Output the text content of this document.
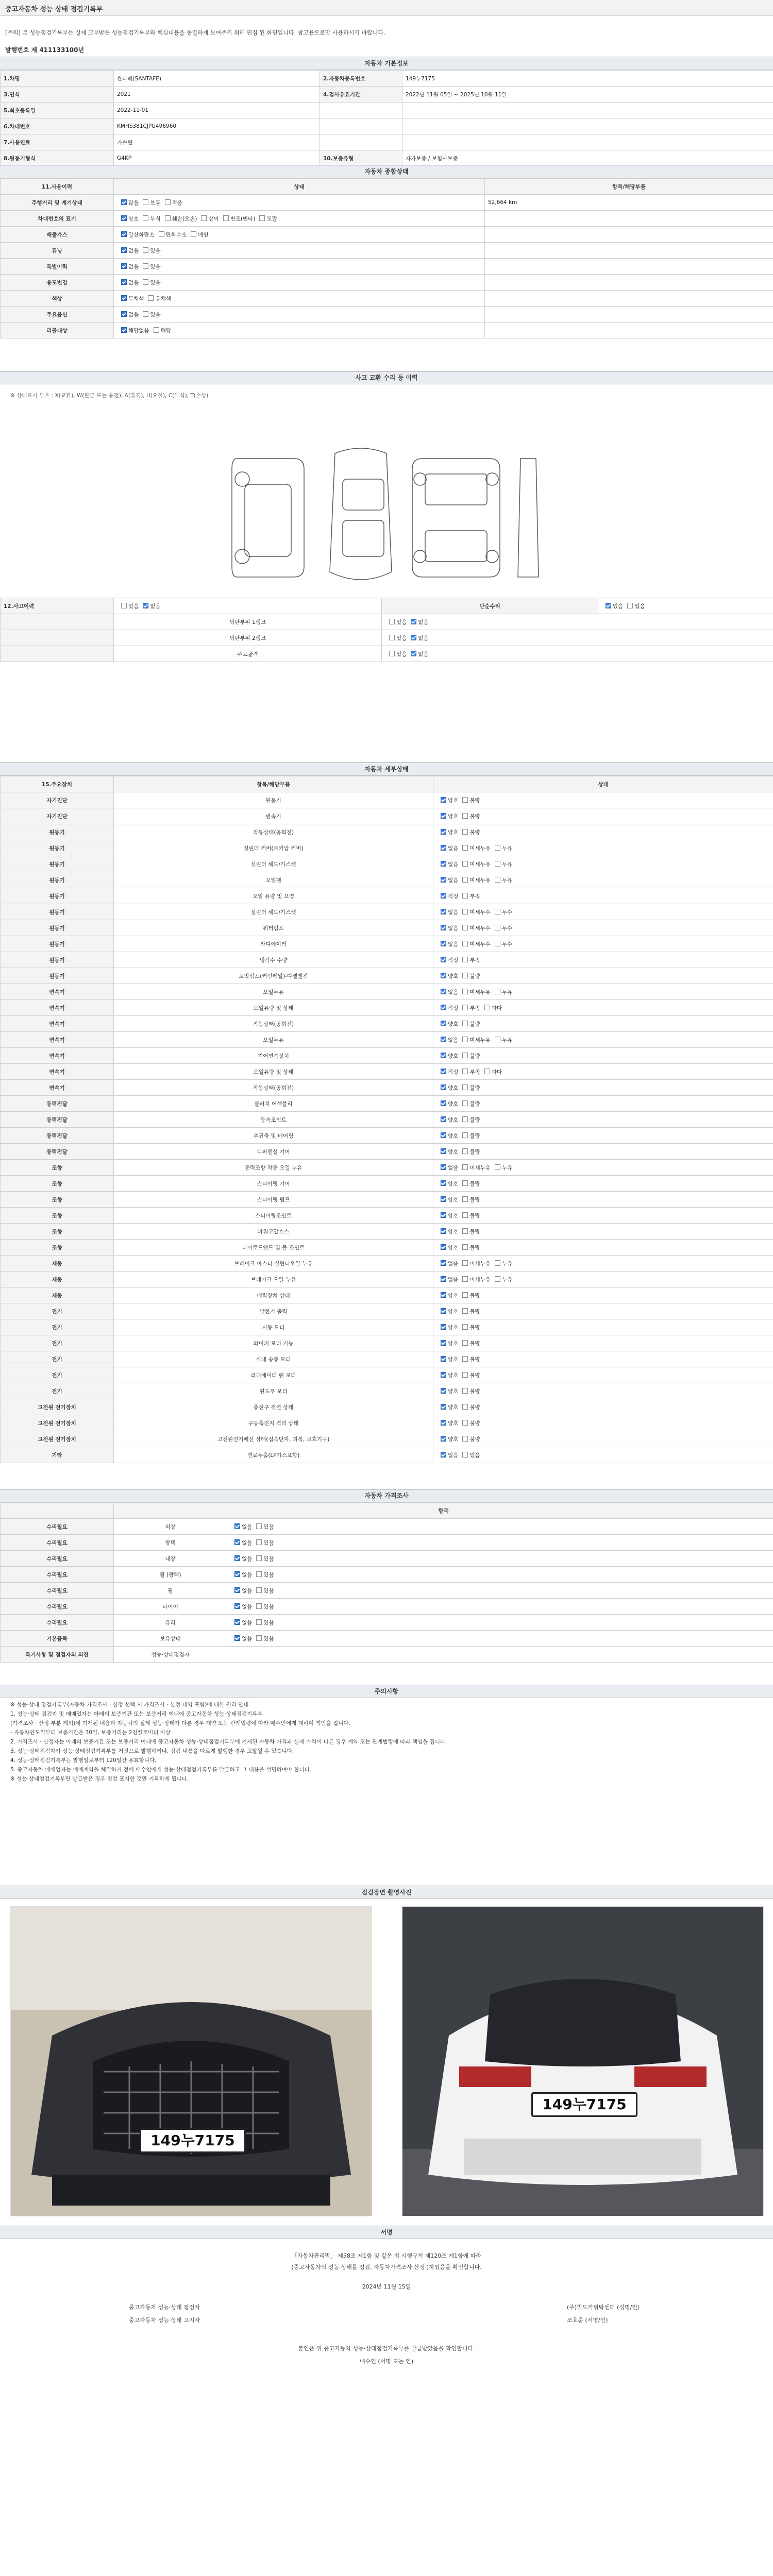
중고자동차 성능 상태 점검기록부
[주의] 본 성능점검기록부는 실제 교부받은 성능점검기록부와 핵심내용을 동일하게 보여주기 위해 편집 된 화면입니다. 참고용으로만 사용하시기 바랍니다.
발행번호 제 411133100년
자동차 기본정보
1.차명	싼타페(SANTAFE)	2.자동차등록번호	149누7175
3.연식	2021	4.검사유효기간	2022년 11월 05일 ~ 2025년 10월 11일
5.최초등록일	2022-11-01		
6.차대번호	KMHS381CJPU496960		
7.사용연료	가솔린		
8.원동기형식	G4KP	10.보증유형	자가보증 / 보험사보증
자동차 종합상태
11.사용이력	상태	항목/해당부품
주행거리 및 계기상태	많음 보통 적음	52,664 km
차대번호의 표기	양호 부식 훼손(오손) 상이 변조(변타) 도말	
배출가스	일산화탄소 탄화수소 매연	
튜닝	없음 있음	
특별이력	없음 있음	
용도변경	없음 있음	
색상	무채색 유채색	
주요옵션	없음 있음	
리콜대상	해당없음 해당	
사고 교환 수리 등 이력
※ 상태표시 부호 : X(교환), W(판금 또는 용접), A(흠집), U(요철), C(부식), T(손상)
12.사고이력	있음 없음	단순수리	있음 없음
	외판부위 1랭크	있음 없음	
	외판부위 2랭크	있음 없음	
	주요골격	있음 없음	
자동차 세부상태
15.주요장치	항목/해당부품	상태
자기진단	원동기	양호 불량
자기진단	변속기	양호 불량
원동기	작동상태(공회전)	양호 불량
원동기	실린더 커버(로커암 커버)	없음 미세누유 누유
원동기	실린더 헤드/가스켓	없음 미세누유 누유
원동기	오일팬	없음 미세누유 누유
원동기	오일 유량 및 오염	적정 부족
원동기	실린더 헤드/가스켓	없음 미세누수 누수
원동기	워터펌프	없음 미세누수 누수
원동기	라디에이터	없음 미세누수 누수
원동기	냉각수 수량	적정 부족
원동기	고압펌프(커먼레일)-디젤엔진	양호 불량
변속기	오일누유	없음 미세누유 누유
변속기	오일유량 및 상태	적정 부족 과다
변속기	작동상태(공회전)	양호 불량
변속기	오일누유	없음 미세누유 누유
변속기	기어변속장치	양호 불량
변속기	오일유량 및 상태	적정 부족 과다
변속기	작동상태(공회전)	양호 불량
동력전달	클러치 어셈블리	양호 불량
동력전달	등속조인트	양호 불량
동력전달	추진축 및 베어링	양호 불량
동력전달	디퍼렌셜 기어	양호 불량
조향	동력조향 작동 오일 누유	없음 미세누유 누유
조향	스티어링 기어	양호 불량
조향	스티어링 펌프	양호 불량
조향	스티어링조인트	양호 불량
조향	파워고압호스	양호 불량
조향	타이로드엔드 및 볼 조인트	양호 불량
제동	브레이크 마스터 실린더오일 누유	없음 미세누유 누유
제동	브레이크 오일 누유	없음 미세누유 누유
제동	배력장치 상태	양호 불량
전기	발전기 출력	양호 불량
전기	시동 모터	양호 불량
전기	와이퍼 모터 기능	양호 불량
전기	실내 송풍 모터	양호 불량
전기	라디에이터 팬 모터	양호 불량
전기	윈도우 모터	양호 불량
고전원 전기장치	충전구 절연 상태	양호 불량
고전원 전기장치	구동축전지 격리 상태	양호 불량
고전원 전기장치	고전원전기배선 상태(접속단자, 피복, 보호기구)	양호 불량
기타	연료누출(LP가스포함)	없음 있음
자동차 가격조사
	항목	
수리필요	외장	없음 있음
수리필요	광택	없음 있음
수리필요	내장	없음 있음
수리필요	휠 (광택)	없음 있음
수리필요	휠	없음 있음
수리필요	타이어	없음 있음
수리필요	유리	없음 있음
기본품목	보유상태	없음 있음
특기사항 및 점검자의 의견	성능·상태점검자	
주의사항
※ 성능·상태 점검기록부(자동차 가격조사 · 산정 선택 시 가격조사 · 산정 내역 포함)에 대한 권리 안내
1. 성능·상태 점검자 및 매매업자는 아래의 보증기간 또는 보증거리 이내에 중고자동차 성능·상태점검기록부
(가격조사 · 산정 부분 제외)에 기재된 내용과 자동차의 실제 성능·상태가 다른 경우 계약 또는 관계법령에 따라 매수인에게 대하여 책임을 집니다.
- 자동차인도일부터 보증기간은 30일, 보증거리는 2천킬로미터 이상
2. 가격조사 · 산정자는 아래의 보증기간 또는 보증거리 이내에 중고자동차 성능·상태점검기록부에 기재된 자동차 가격과 실제 가격이 다른 경우 계약 또는 관계법령에 따라 책임을 집니다.
3. 성능·상태점검자가 성능·상태점검기록부를 거짓으로 발행하거나, 점검 내용을 다르게 발행한 경우 고발될 수 있습니다.
4. 성능·상태점검기록부는 발행일로부터 120일간 유효합니다.
5. 중고자동차 매매업자는 매매계약을 체결하기 전에 매수인에게 성능·상태점검기록부를 발급하고 그 내용을 설명하여야 합니다.
※ 성능·상태점검기록부만 발급받은 경우 점검 표시한 것만 기록하게 됩니다.
점검장면 촬영사진
149누7175
149누7175
서명
「자동차관리법」 제58조 제1항 및 같은 법 시행규칙 제120조 제1항에 따라
(중고자동차의 성능·상태를 점검, 자동차가격조사·산정 )하였음을 확인합니다.
2024년 11월 15일
중고자동차 성능·상태 점검자	(주)빌드카위탁센터 (성명/인)
중고자동차 성능·상태 고지자	조호준 (서명/인)
본인은 위 중고자동차 성능·상태점검기록부를 발급받았음을 확인합니다.
매수인 (서명 또는 인)
